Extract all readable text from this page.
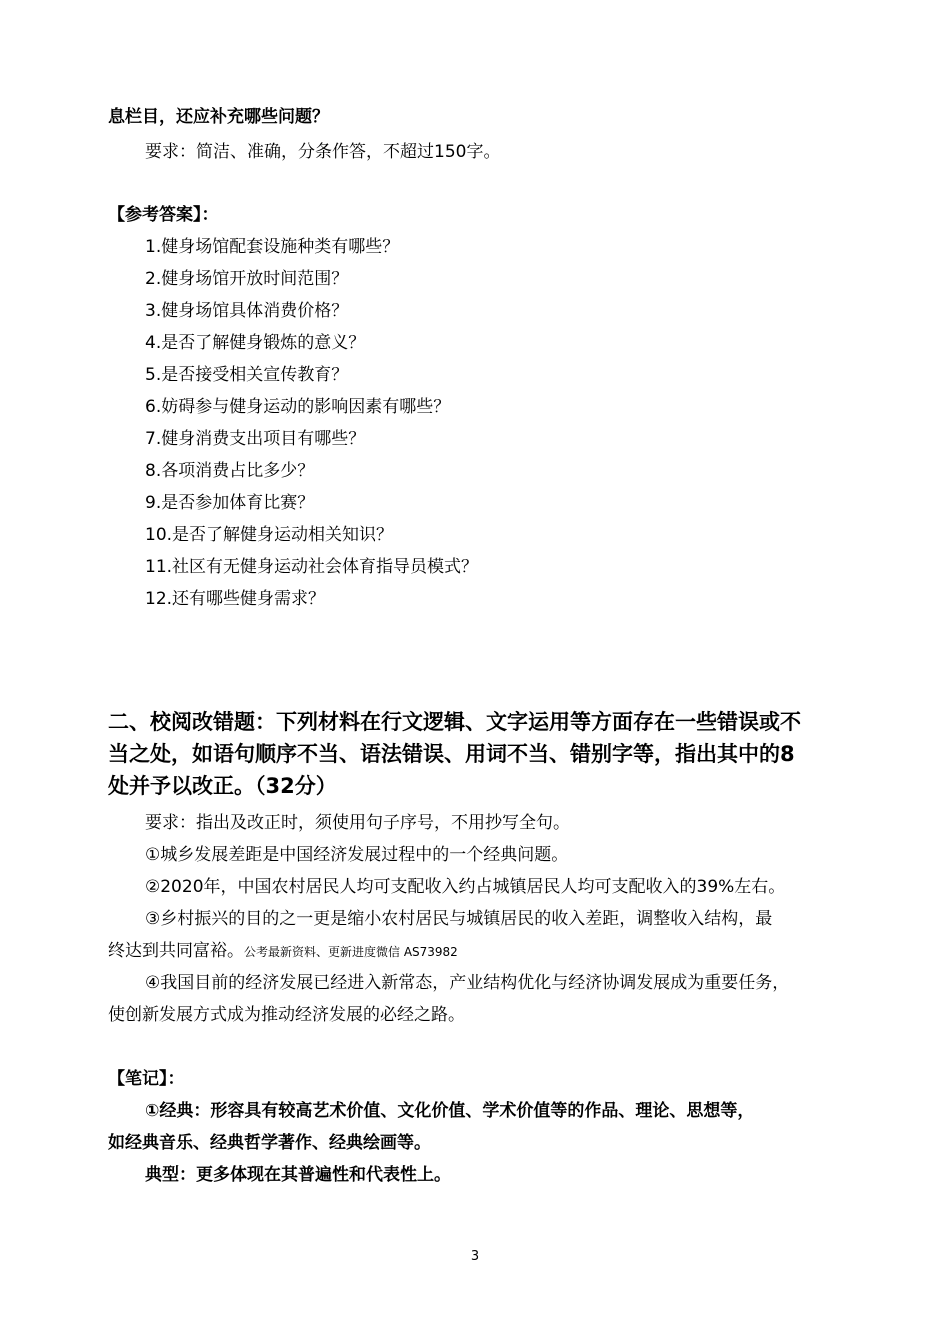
息栏目，还应补充哪些问题？
要求：简洁、准确，分条作答，不超过150字。
【参考答案】：
1.健身场馆配套设施种类有哪些？
2.健身场馆开放时间范围？
3.健身场馆具体消费价格？
4.是否了解健身锻炼的意义？
5.是否接受相关宣传教育？
6.妨碍参与健身运动的影响因素有哪些？
7.健身消费支出项目有哪些？
8.各项消费占比多少？
9.是否参加体育比赛？
10.是否了解健身运动相关知识？
11.社区有无健身运动社会体育指导员模式？
12.还有哪些健身需求？
二、校阅改错题：下列材料在行文逻辑、文字运用等方面存在一些错误或不
当之处，如语句顺序不当、语法错误、用词不当、错别字等，指出其中的8
处并予以改正。（32分）
要求：指出及改正时，须使用句子序号，不用抄写全句。
①城乡发展差距是中国经济发展过程中的一个经典问题。
②2020年，中国农村居民人均可支配收入约占城镇居民人均可支配收入的39%左右。
③乡村振兴的目的之一更是缩小农村居民与城镇居民的收入差距，调整收入结构，最
终达到共同富裕。公考最新资料、更新进度微信 AS73982
④我国目前的经济发展已经进入新常态，产业结构优化与经济协调发展成为重要任务，
使创新发展方式成为推动经济发展的必经之路。
【笔记】：
①经典：形容具有较高艺术价值、文化价值、学术价值等的作品、理论、思想等，
如经典音乐、经典哲学著作、经典绘画等。
典型：更多体现在其普遍性和代表性上。
3
